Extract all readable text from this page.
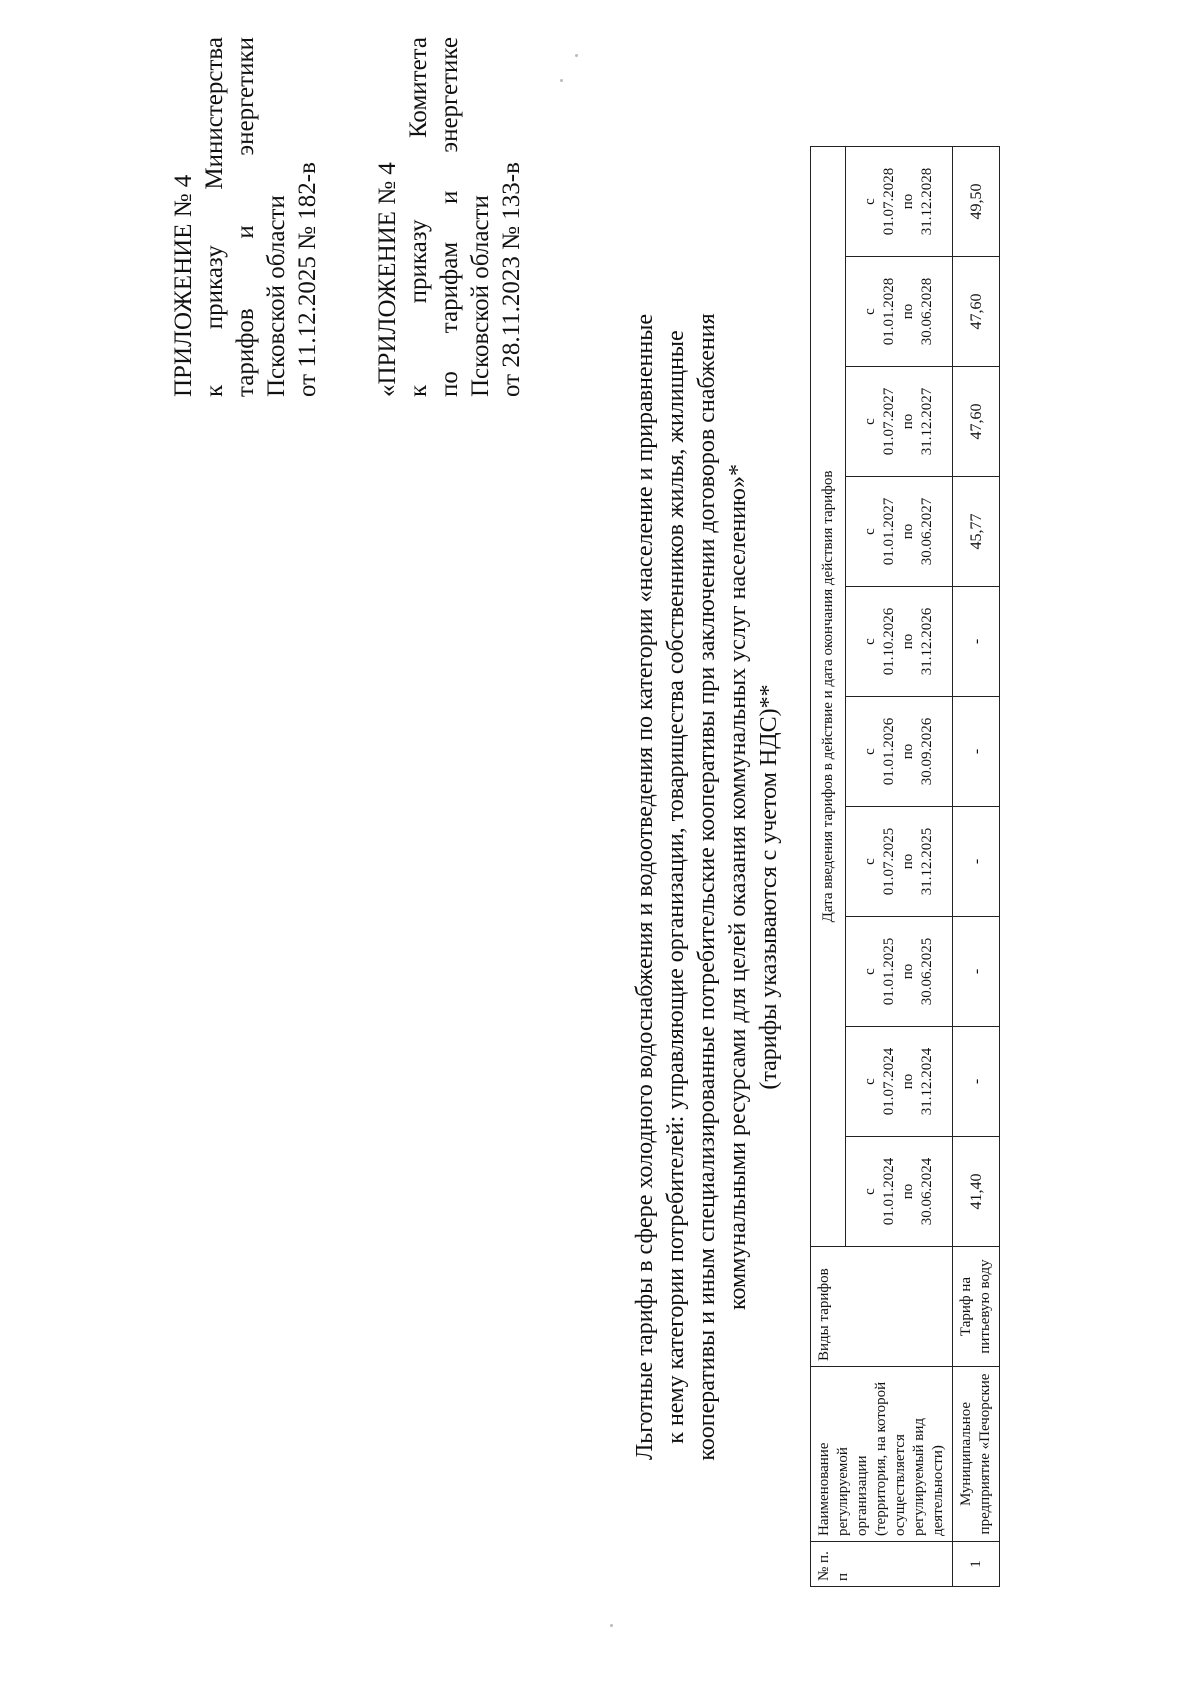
ПРИЛОЖЕНИЕ № 4 к приказу Министерства тарифов и энергетики Псковской области от 11.12.2025 № 182-в «ПРИЛОЖЕНИЕ № 4 к приказу Комитета по тарифам и энергетике Псковской области от 28.11.2023 № 133-в
Льготные тарифы в сфере холодного водоснабжения и водоотведения по категории «население и приравненные к нему категории потребителей: управляющие организации, товарищества собственников жилья, жилищные кооперативы и иным специализированные потребительские кооперативы при заключении договоров снабжения коммунальными ресурсами для целей оказания коммунальных услуг населению»* (тарифы указываются с учетом НДС)**
№ п. п	Наименование регулируемой организации (территория, на которой осуществляется регулируемый вид деятельности)	Виды тарифов	Дата введения тарифов в действие и дата окончания действия тарифов									

			с 01.01.2024 по 30.06.2024	с 01.07.2024 по 31.12.2024	с 01.01.2025 по 30.06.2025	с 01.07.2025 по 31.12.2025	с 01.01.2026 по 30.09.2026	с 01.10.2026 по 31.12.2026	с 01.01.2027 по 30.06.2027	с 01.07.2027 по 31.12.2027	с 01.01.2028 по 30.06.2028	с 01.07.2028 по 31.12.2028

1	Муниципальное предприятие «Печорские	Тариф на питьевую воду	41,40	-	-	-	-	-	45,77	47,60	47,60	49,50
